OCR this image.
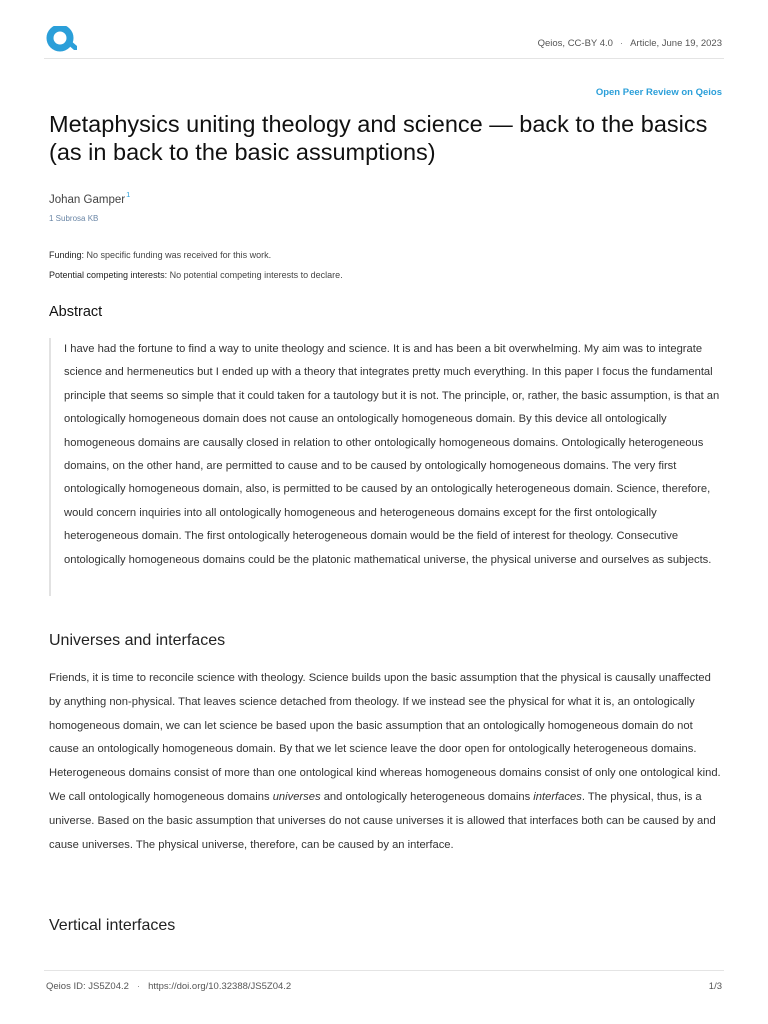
Qeios, CC-BY 4.0 · Article, June 19, 2023
Open Peer Review on Qeios
Metaphysics uniting theology and science — back to the basics (as in back to the basic assumptions)
Johan Gamper$^1$
1 Subrosa KB
Funding: No specific funding was received for this work.
Potential competing interests: No potential competing interests to declare.
Abstract

I have had the fortune to find a way to unite theology and science. It is and has been a bit overwhelming. My aim was to integrate science and hermeneutics but I ended up with a theory that integrates pretty much everything. In this paper I focus the fundamental principle that seems so simple that it could taken for a tautology but it is not. The principle, or, rather, the basic assumption, is that an ontologically homogeneous domain does not cause an ontologically homogeneous domain. By this device all ontologically homogeneous domains are causally closed in relation to other ontologically homogeneous domains. Ontologically heterogeneous domains, on the other hand, are permitted to cause and to be caused by ontologically homogeneous domains. The very first ontologically homogeneous domain, also, is permitted to be caused by an ontologically heterogeneous domain. Science, therefore, would concern inquiries into all ontologically homogeneous and heterogeneous domains except for the first ontologically heterogeneous domain. The first ontologically heterogeneous domain would be the field of interest for theology. Consecutive ontologically homogeneous domains could be the platonic mathematical universe, the physical universe and ourselves as subjects.

Universes and interfaces

Friends, it is time to reconcile science with theology. Science builds upon the basic assumption that the physical is causally unaffected by anything non-physical. That leaves science detached from theology. If we instead see the physical for what it is, an ontologically homogeneous domain, we can let science be based upon the basic assumption that an ontologically homogeneous domain do not cause an ontologically homogeneous domain. By that we let science leave the door open for ontologically heterogeneous domains. Heterogeneous domains consist of more than one ontological kind whereas homogeneous domains consist of only one ontological kind. We call ontologically homogeneous domains universes and ontologically heterogeneous domains interfaces. The physical, thus, is a universe. Based on the basic assumption that universes do not cause universes it is allowed that interfaces both can be caused by and cause universes. The physical universe, therefore, can be caused by an interface.

Vertical interfaces
Qeios ID: JS5Z04.2 · https://doi.org/10.32388/JS5Z04.2	1/3
